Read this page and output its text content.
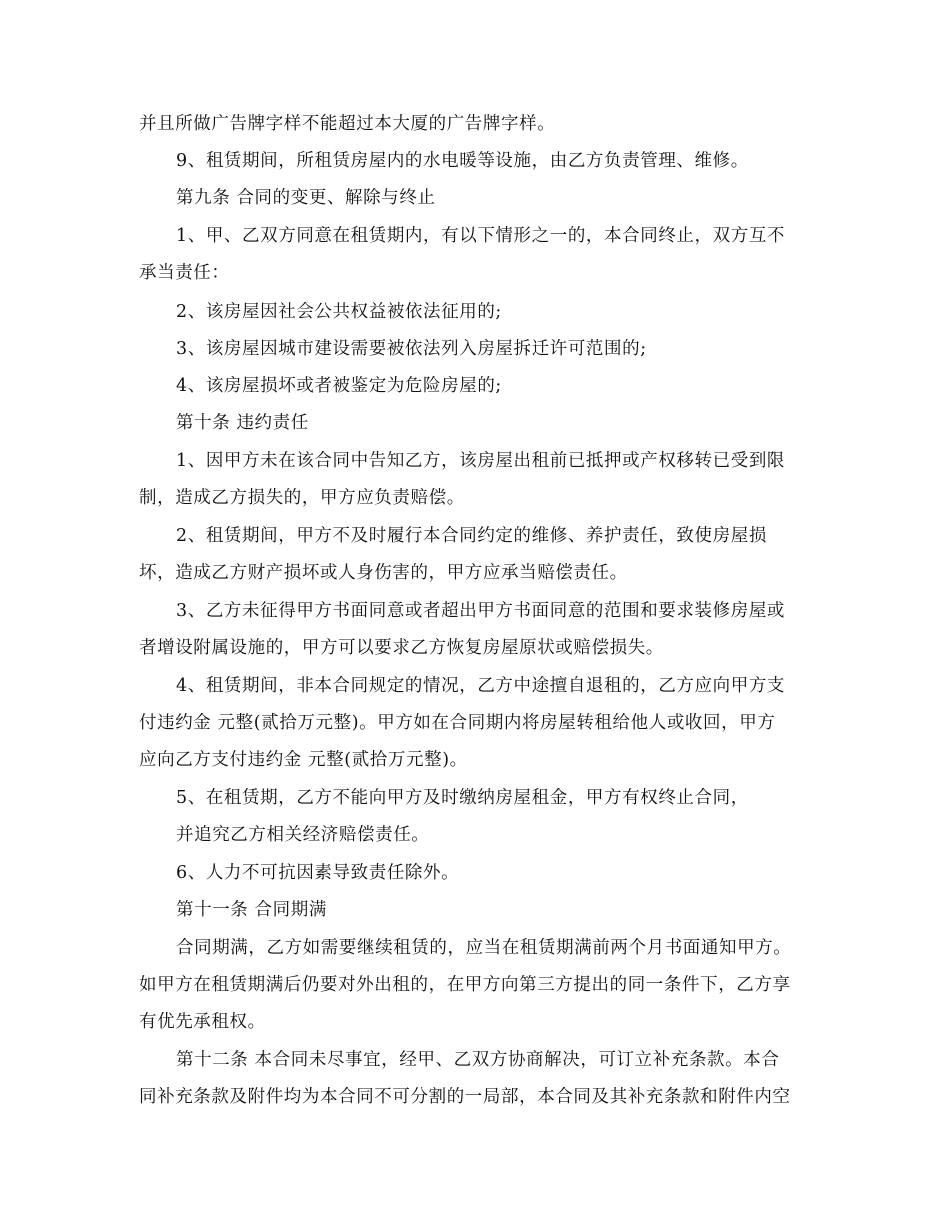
并且所做广告牌字样不能超过本大厦的广告牌字样。
9、租赁期间，所租赁房屋内的水电暖等设施，由乙方负责管理、维修。
第九条 合同的变更、解除与终止
1、甲、乙双方同意在租赁期内，有以下情形之一的，本合同终止，双方互不
承当责任：
2、该房屋因社会公共权益被依法征用的;
3、该房屋因城市建设需要被依法列入房屋拆迁许可范围的;
4、该房屋损坏或者被鉴定为危险房屋的;
第十条 违约责任
1、因甲方未在该合同中告知乙方，该房屋出租前已抵押或产权移转已受到限
制，造成乙方损失的，甲方应负责赔偿。
2、租赁期间，甲方不及时履行本合同约定的维修、养护责任，致使房屋损
坏，造成乙方财产损坏或人身伤害的，甲方应承当赔偿责任。
3、乙方未征得甲方书面同意或者超出甲方书面同意的范围和要求装修房屋或
者增设附属设施的，甲方可以要求乙方恢复房屋原状或赔偿损失。
4、租赁期间，非本合同规定的情况，乙方中途擅自退租的，乙方应向甲方支
付违约金 元整(贰拾万元整)。甲方如在合同期内将房屋转租给他人或收回，甲方
应向乙方支付违约金 元整(贰拾万元整)。
5、在租赁期，乙方不能向甲方及时缴纳房屋租金，甲方有权终止合同，
并追究乙方相关经济赔偿责任。
6、人力不可抗因素导致责任除外。
第十一条 合同期满
合同期满，乙方如需要继续租赁的，应当在租赁期满前两个月书面通知甲方。
如甲方在租赁期满后仍要对外出租的，在甲方向第三方提出的同一条件下，乙方享
有优先承租权。
第十二条 本合同未尽事宜，经甲、乙双方协商解决，可订立补充条款。本合
同补充条款及附件均为本合同不可分割的一局部，本合同及其补充条款和附件内空
